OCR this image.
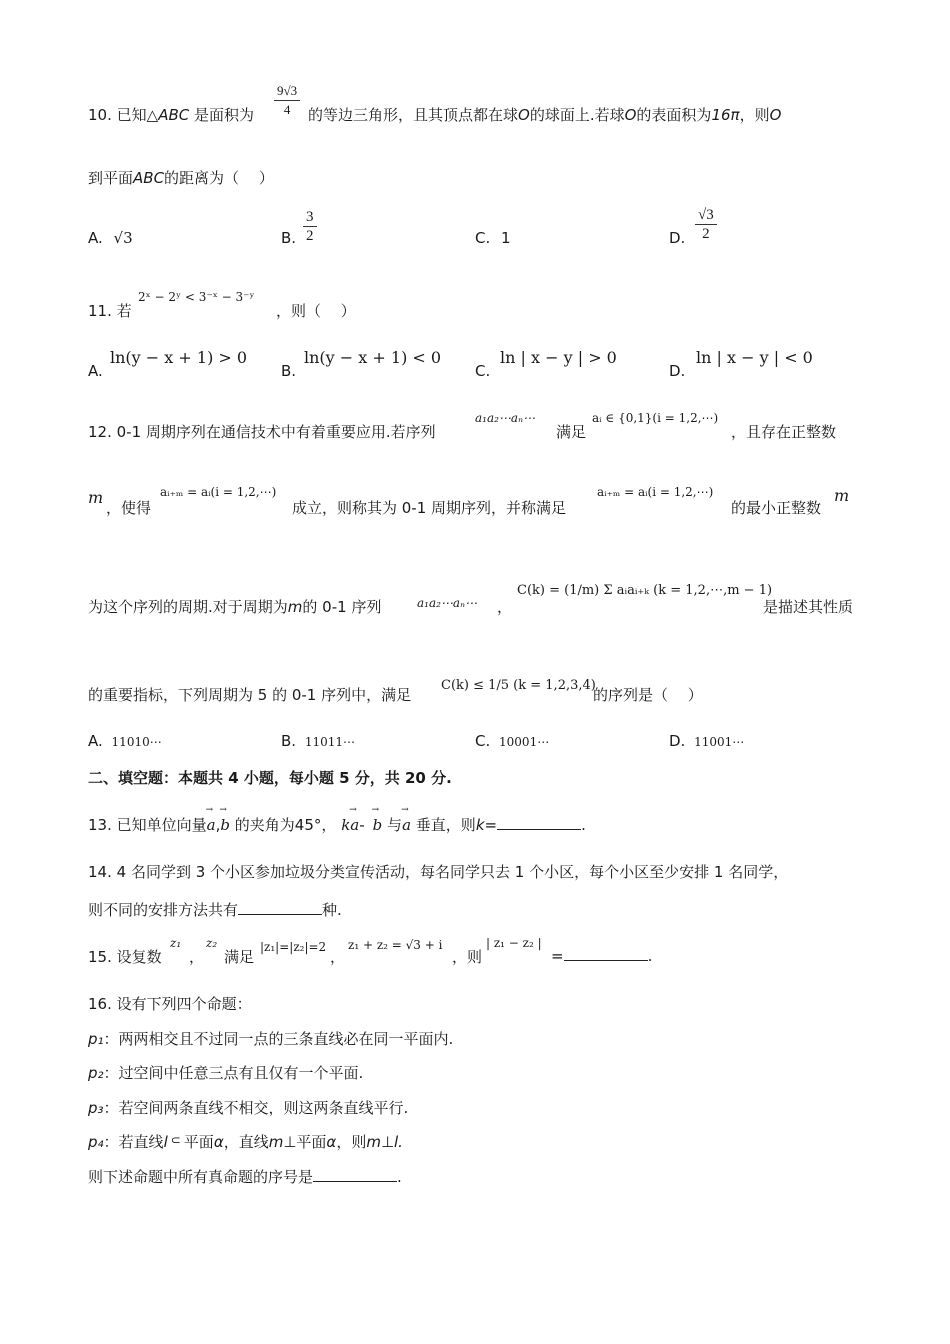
10. 已知△ABC 是面积为 $\frac{9√3}{4}$ 的等边三角形，且其顶点都在球O的球面上.若球O的表面积为16π，则O
到平面ABC的距离为（　 ）
A. √3	B. $\frac{3}{2}$	C. 1	D. $\frac{√3}{2}$
11. 若
2ˣ − 2ʸ < 3⁻ˣ − 3⁻ʸ
，则（　 ）
A.
ln(y − x + 1) > 0
B.
ln(y − x + 1) < 0
C.
ln | x − y | > 0
D.
ln | x − y | < 0
12. 0-1 周期序列在通信技术中有着重要应用.若序列
a₁a₂⋯aₙ⋯
满足
aᵢ ∈ {0,1}(i = 1,2,⋯)
，且存在正整数
m
，使得
aᵢ₊ₘ = aᵢ(i = 1,2,⋯)
成立，则称其为 0-1 周期序列，并称满足
aᵢ₊ₘ = aᵢ(i = 1,2,⋯)
的最小正整数
m
为这个序列的周期.对于周期为m的 0-1 序列	a₁a₂⋯aₙ⋯ ，
C(k) = (1/m) Σ aᵢaᵢ₊ₖ (k = 1,2,⋯,m − 1)
是描述其性质
的重要指标，下列周期为 5 的 0-1 序列中，满足
C(k) ≤ 1/5 (k = 1,2,3,4)
的序列是（　 ）
A. 11010⋯	B. 11011⋯	C. 10001⋯	D. 11001⋯
二、填空题：本题共 4 小题，每小题 5 分，共 20 分.
13. 已知单位向量→ a,→ b 的夹角为45°， k→ a-→ b 与→ a 垂直，则k=	.
14. 4 名同学到 3 个小区参加垃圾分类宣传活动，每名同学只去 1 个小区，每个小区至少安排 1 名同学，
则不同的安排方法共有	种.
15. 设复数
z₁
，
z₂
满足
|z₁|=|z₂|=2
，
z₁ + z₂ = √3 + i
，则
| z₁ − z₂ |
=	.
16. 设有下列四个命题：
p₁：两两相交且不过同一点的三条直线必在同一平面内.
p₂：过空间中任意三点有且仅有一个平面.
p₃：若空间两条直线不相交，则这两条直线平行.
p₄：若直线l ⊂ 平面α，直线m⊥平面α，则m⊥l.
则下述命题中所有真命题的序号是	.
